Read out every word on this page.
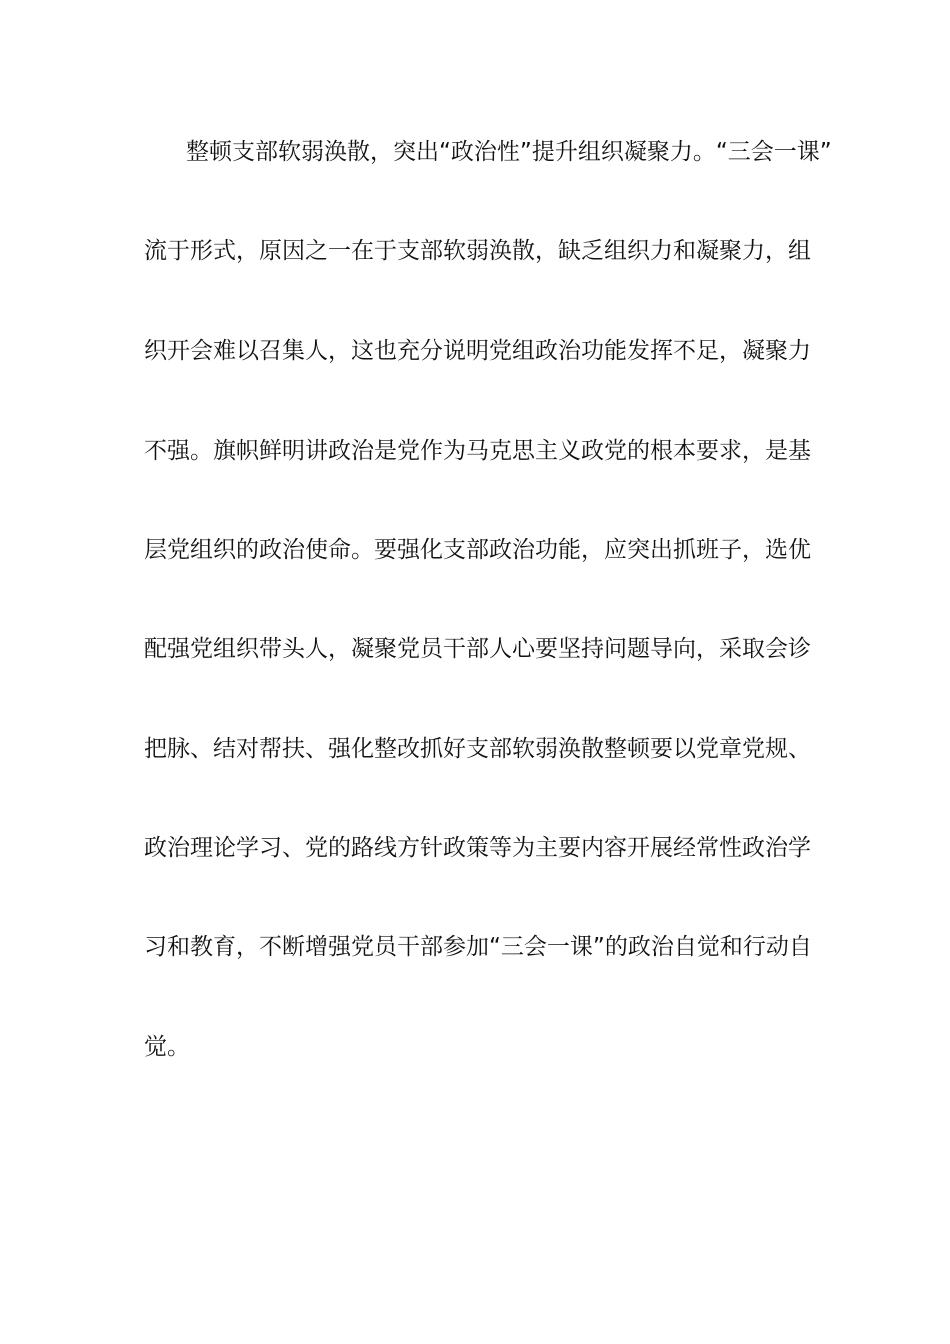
整顿支部软弱涣散，突出“政治性”提升组织凝聚力。“三会一课”
流于形式，原因之一在于支部软弱涣散，缺乏组织力和凝聚力，组
织开会难以召集人，这也充分说明党组政治功能发挥不足，凝聚力
不强。旗帜鲜明讲政治是党作为马克思主义政党的根本要求，是基
层党组织的政治使命。要强化支部政治功能，应突出抓班子，选优
配强党组织带头人，凝聚党员干部人心要坚持问题导向，采取会诊
把脉、结对帮扶、强化整改抓好支部软弱涣散整顿要以党章党规、
政治理论学习、党的路线方针政策等为主要内容开展经常性政治学
习和教育，不断增强党员干部参加“三会一课”的政治自觉和行动自
觉。
